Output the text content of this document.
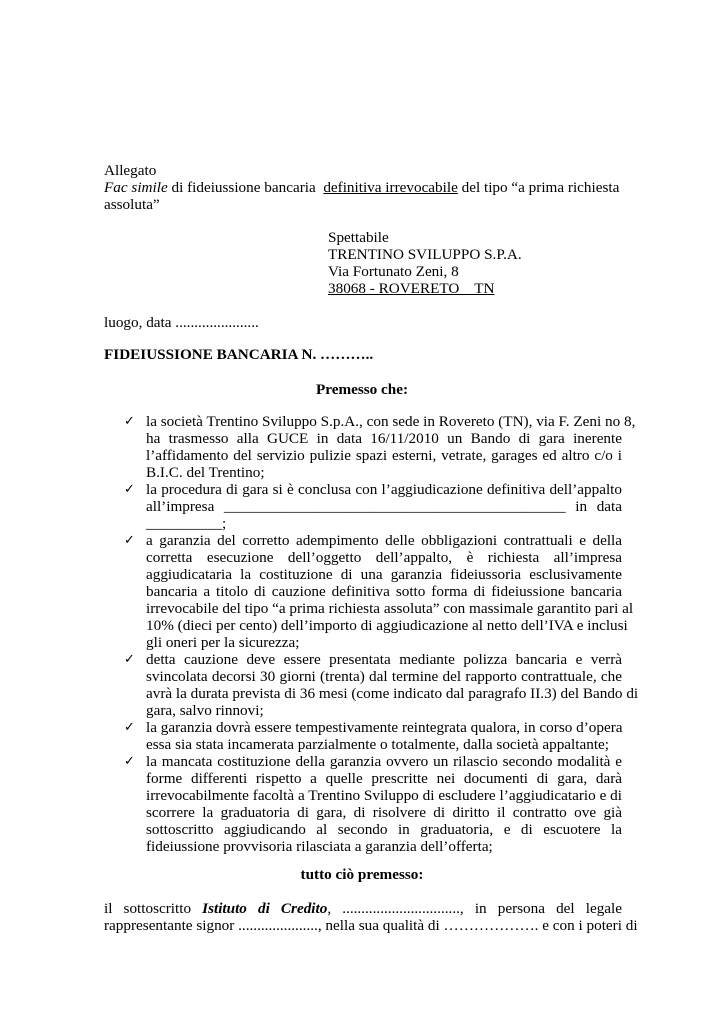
Allegato
Fac simile di fideiussione bancaria  definitiva irrevocabile del tipo “a prima richiesta
assoluta”
Spettabile
TRENTINO SVILUPPO S.P.A.
Via Fortunato Zeni, 8
38068 - ROVERETO    TN
luogo, data ......................
FIDEIUSSIONE BANCARIA N. ………..
Premesso che:
✓ la società Trentino Sviluppo S.p.A., con sede in Rovereto (TN), via F. Zeni no 8,
ha trasmesso alla GUCE in data 16/11/2010 un Bando di gara inerente
l’affidamento del servizio pulizie spazi esterni, vetrate, garages ed altro c/o i
B.I.C. del Trentino;
✓ la procedura di gara si è conclusa con l’aggiudicazione definitiva dell’appalto
all’impresa _____________________________________________ in data
__________;
✓ a garanzia del corretto adempimento delle obbligazioni contrattuali e della
corretta esecuzione dell’oggetto dell’appalto, è richiesta all’impresa
aggiudicataria la costituzione di una garanzia fideiussoria esclusivamente
bancaria a titolo di cauzione definitiva sotto forma di fideiussione bancaria
irrevocabile del tipo “a prima richiesta assoluta” con massimale garantito pari al
10% (dieci per cento) dell’importo di aggiudicazione al netto dell’IVA e inclusi
gli oneri per la sicurezza;
✓ detta cauzione deve essere presentata mediante polizza bancaria e verrà
svincolata decorsi 30 giorni (trenta) dal termine del rapporto contrattuale, che
avrà la durata prevista di 36 mesi (come indicato dal paragrafo II.3) del Bando di
gara, salvo rinnovi;
✓ la garanzia dovrà essere tempestivamente reintegrata qualora, in corso d’opera
essa sia stata incamerata parzialmente o totalmente, dalla società appaltante;
✓ la mancata costituzione della garanzia ovvero un rilascio secondo modalità e
forme differenti rispetto a quelle prescritte nei documenti di gara, darà
irrevocabilmente facoltà a Trentino Sviluppo di escludere l’aggiudicatario e di
scorrere la graduatoria di gara, di risolvere di diritto il contratto ove già
sottoscritto aggiudicando al secondo in graduatoria, e di escuotere la
fideiussione provvisoria rilasciata a garanzia dell’offerta;
tutto ciò premesso:
il sottoscritto Istituto di Credito, ..............................., in persona del legale
rappresentante signor ....................., nella sua qualità di ………………. e con i poteri di
